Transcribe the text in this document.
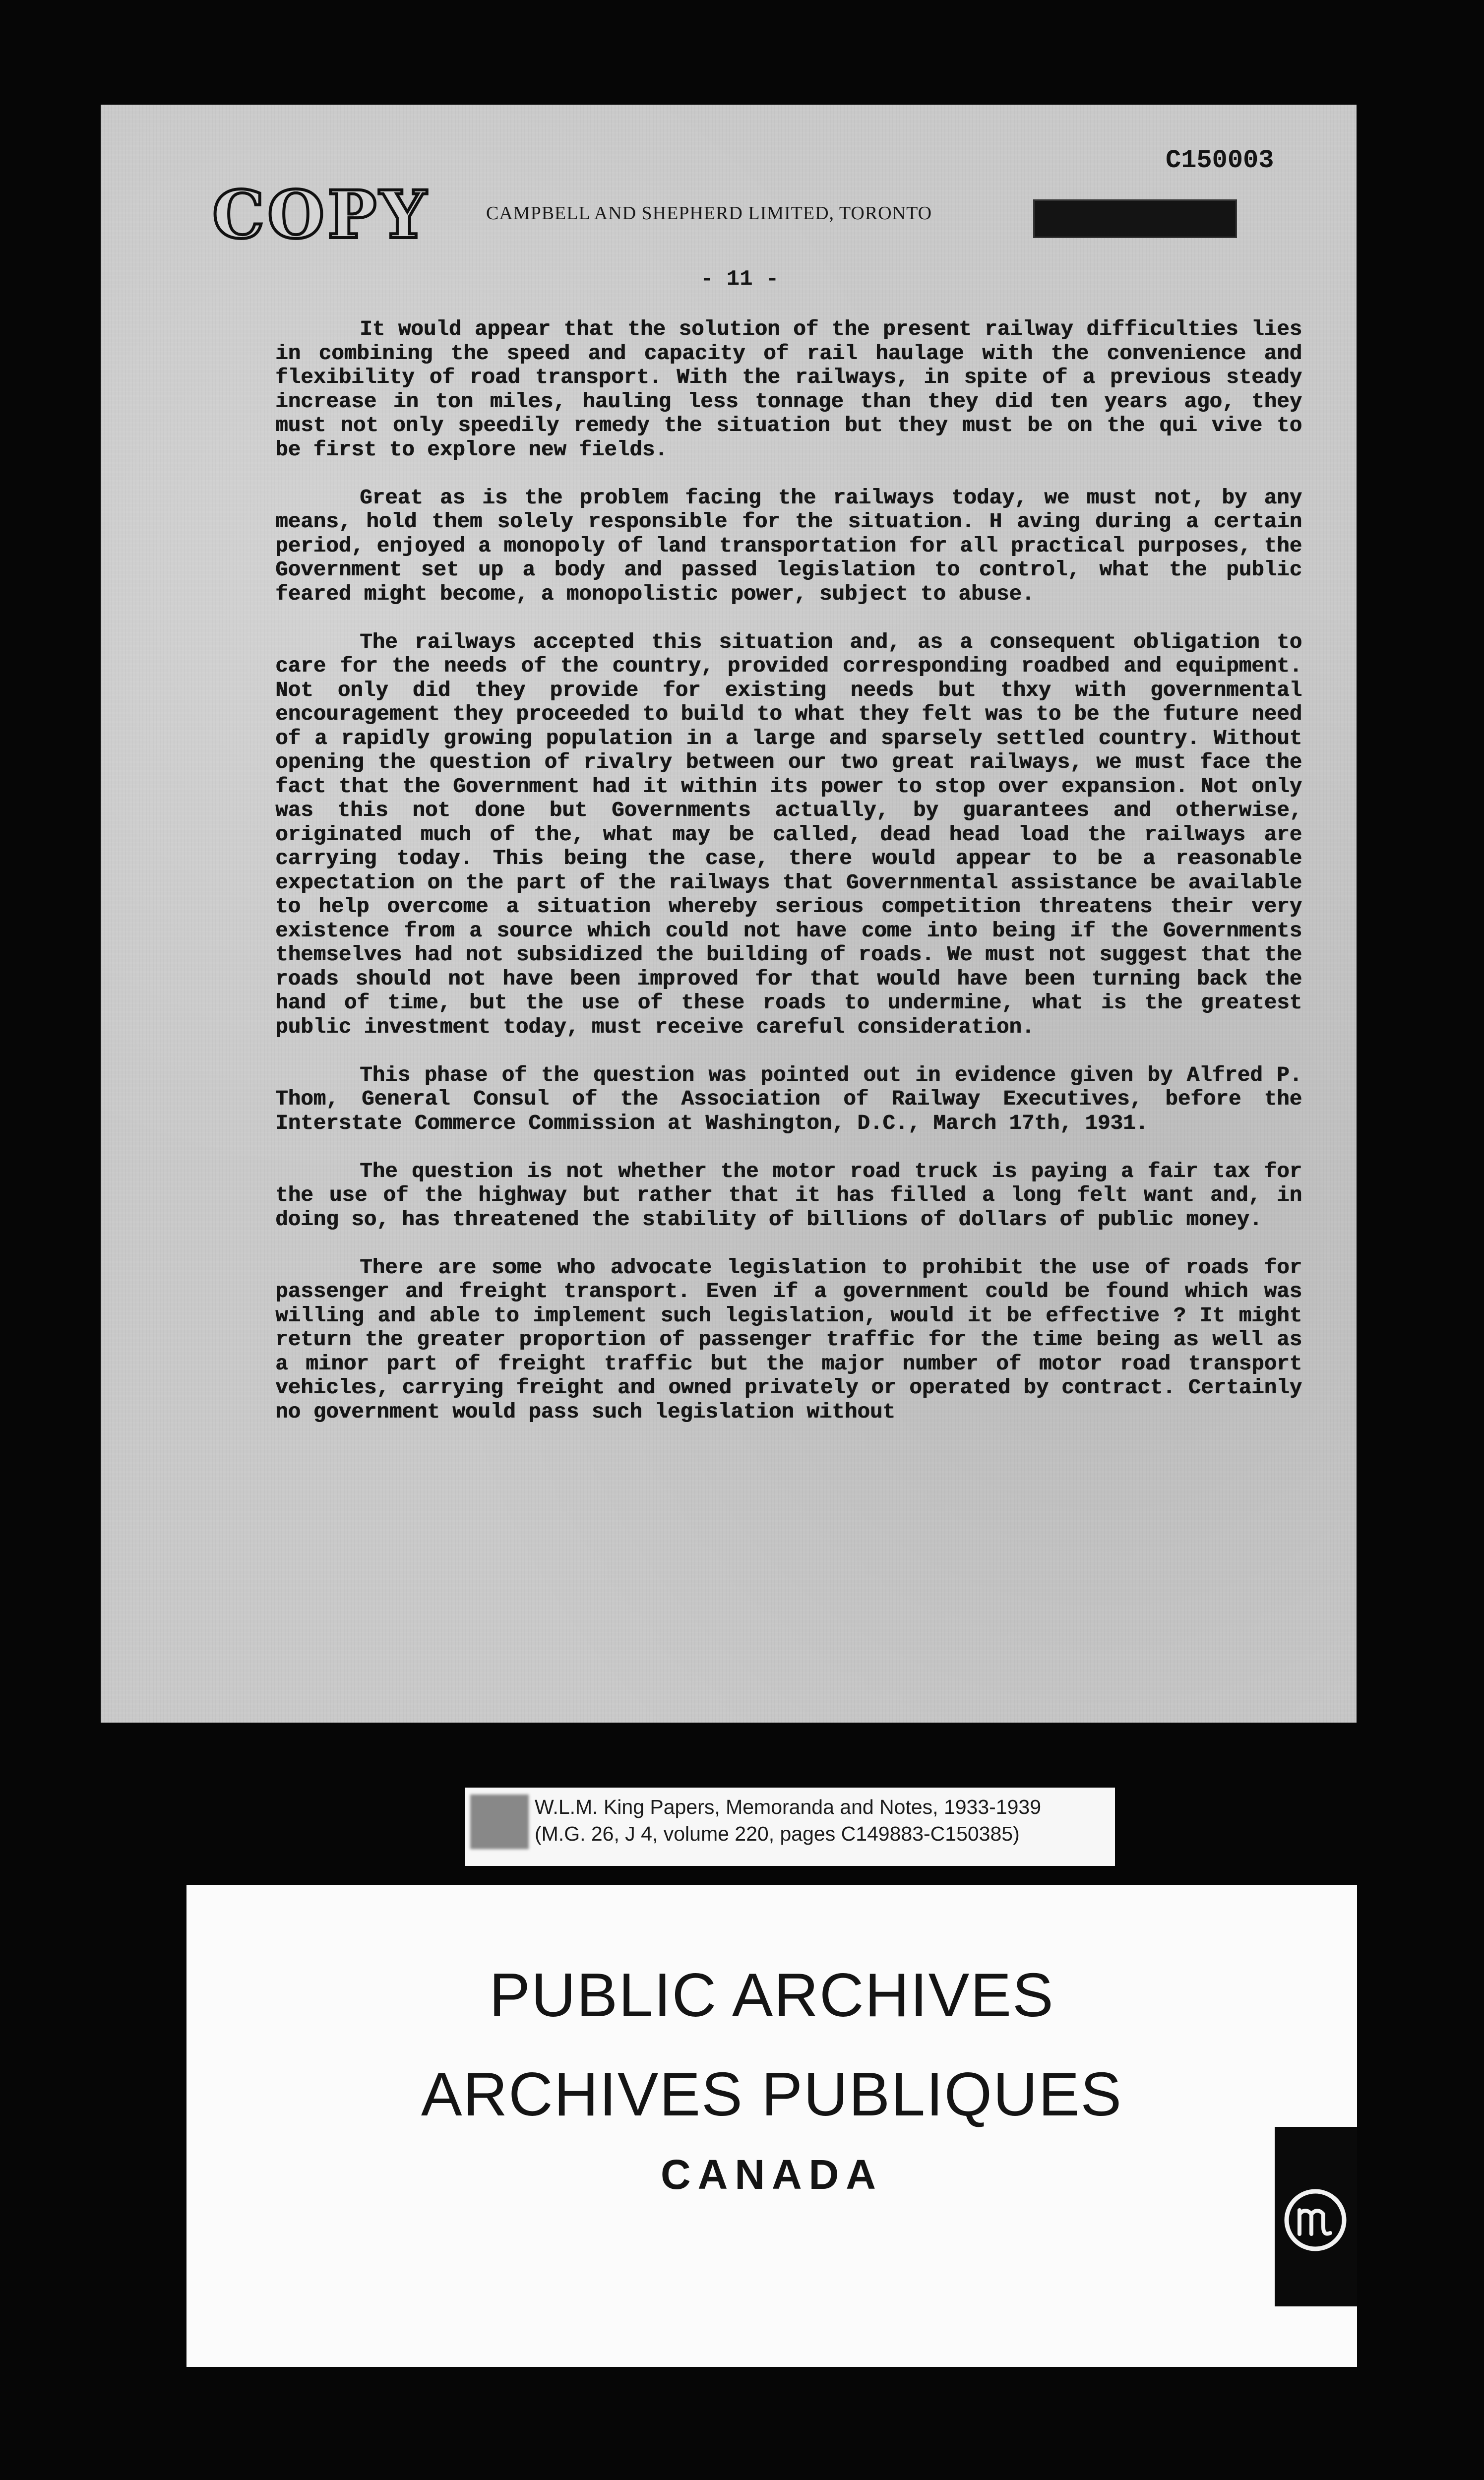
C150003
COPY	CAMPBELL AND SHEPHERD LIMITED, TORONTO
- 11 -

It would appear that the solution of the present railway difficulties lies in combining the speed and capacity of rail haulage with the convenience and flexibility of road transport. With the railways, in spite of a previous steady increase in ton miles, hauling less tonnage than they did ten years ago, they must not only speedily remedy the situation but they must be on the qui vive to be first to explore new fields.

Great as is the problem facing the railways today, we must not, by any means, hold them solely responsible for the situation. H aving during a certain period, enjoyed a monopoly of land transportation for all practical purposes, the Government set up a body and passed legislation to control, what the public feared might become, a monopolistic power, subject to abuse.

The railways accepted this situation and, as a consequent obligation to care for the needs of the country, provided corresponding roadbed and equipment. Not only did they provide for existing needs but thxy with governmental encouragement they proceeded to build to what they felt was to be the future need of a rapidly growing population in a large and sparsely settled country. Without opening the question of rivalry between our two great railways, we must face the fact that the Government had it within its power to stop over expansion. Not only was this not done but Governments actually, by guarantees and otherwise, originated much of the, what may be called, dead head load the railways are carrying today. This being the case, there would appear to be a reasonable expectation on the part of the railways that Governmental assistance be available to help overcome a situation whereby serious competition threatens their very existence from a source which could not have come into being if the Governments themselves had not subsidized the building of roads. We must not suggest that the roads should not have been improved for that would have been turning back the hand of time, but the use of these roads to undermine, what is the greatest public investment today, must receive careful consideration.

This phase of the question was pointed out in evidence given by Alfred P. Thom, General Consul of the Association of Railway Executives, before the Interstate Commerce Commission at Washington, D.C., March 17th, 1931.

The question is not whether the motor road truck is paying a fair tax for the use of the highway but rather that it has filled a long felt want and, in doing so, has threatened the stability of billions of dollars of public money.

There are some who advocate legislation to prohibit the use of roads for passenger and freight transport. Even if a government could be found which was willing and able to implement such legislation, would it be effective ? It might return the greater proportion of passenger traffic for the time being as well as a minor part of freight traffic but the major number of motor road transport vehicles, carrying freight and owned privately or operated by contract. Certainly no government would pass such legislation without

W.L.M. King Papers, Memoranda and Notes, 1933-1939
(M.G. 26, J 4, volume 220, pages C149883-C150385)
PUBLIC ARCHIVES
ARCHIVES PUBLIQUES
CANADA
